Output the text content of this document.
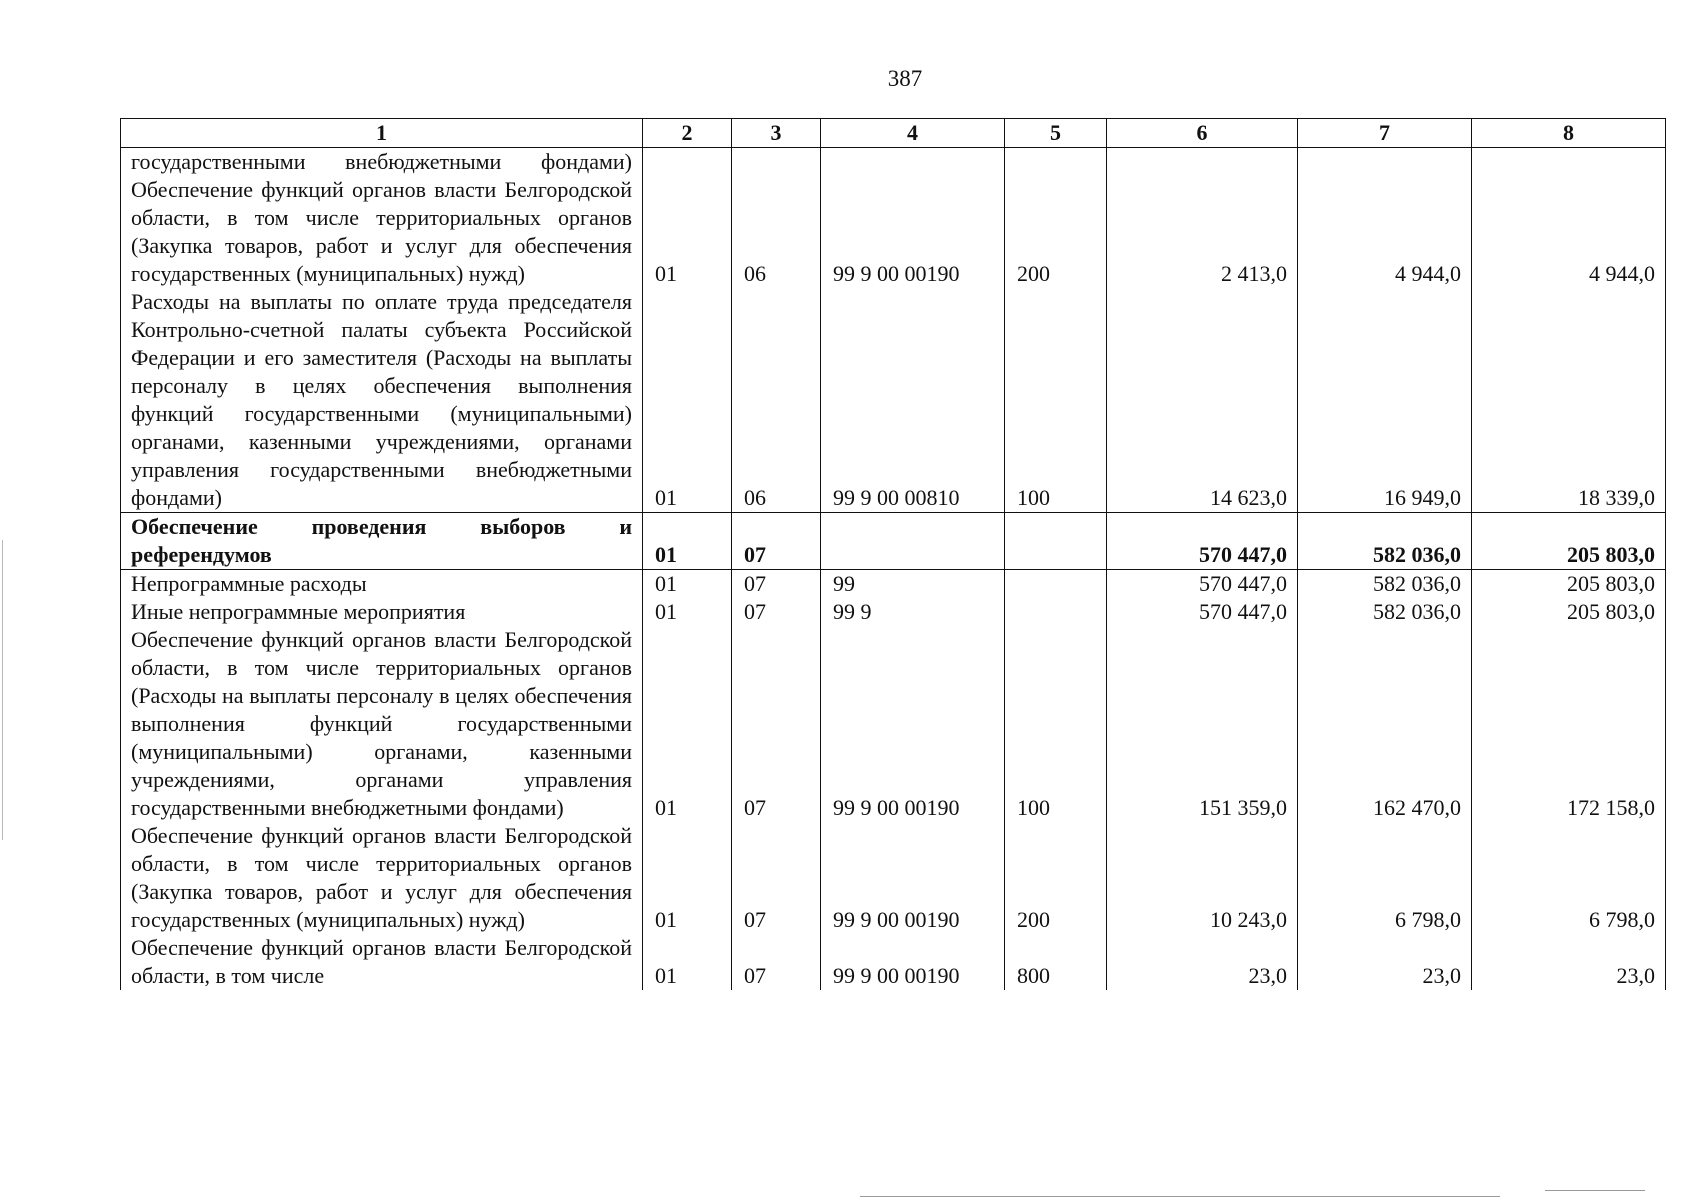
387
1	2	3	4	5	6	7	8
государственными внебюджетными фондами) Обеспечение функций органов власти Белгородской области, в том числе территориальных органов (Закупка товаров, работ и услуг для обеспечения государственных (муниципальных) нужд)	01	06	99 9 00 00190	200	2 413,0	4 944,0	4 944,0
Расходы на выплаты по оплате труда председателя Контрольно-счетной палаты субъекта Российской Федерации и его заместителя (Расходы на выплаты персоналу в целях обеспечения выполнения функций государственными (муниципальными) органами, казенными учреждениями, органами управления государственными внебюджетными фондами)	01	06	99 9 00 00810	100	14 623,0	16 949,0	18 339,0
Обеспечение проведения выборов и референдумов	01	07			570 447,0	582 036,0	205 803,0
Непрограммные расходы	01	07	99		570 447,0	582 036,0	205 803,0
Иные непрограммные мероприятия	01	07	99 9		570 447,0	582 036,0	205 803,0
Обеспечение функций органов власти Белгородской области, в том числе территориальных органов (Расходы на выплаты персоналу в целях обеспечения выполнения функций государственными (муниципальными) органами, казенными учреждениями, органами управления государственными внебюджетными фондами)	01	07	99 9 00 00190	100	151 359,0	162 470,0	172 158,0
Обеспечение функций органов власти Белгородской области, в том числе территориальных органов (Закупка товаров, работ и услуг для обеспечения государственных (муниципальных) нужд)	01	07	99 9 00 00190	200	10 243,0	6 798,0	6 798,0
Обеспечение функций органов власти Белгородской области, в том числе	01	07	99 9 00 00190	800	23,0	23,0	23,0
